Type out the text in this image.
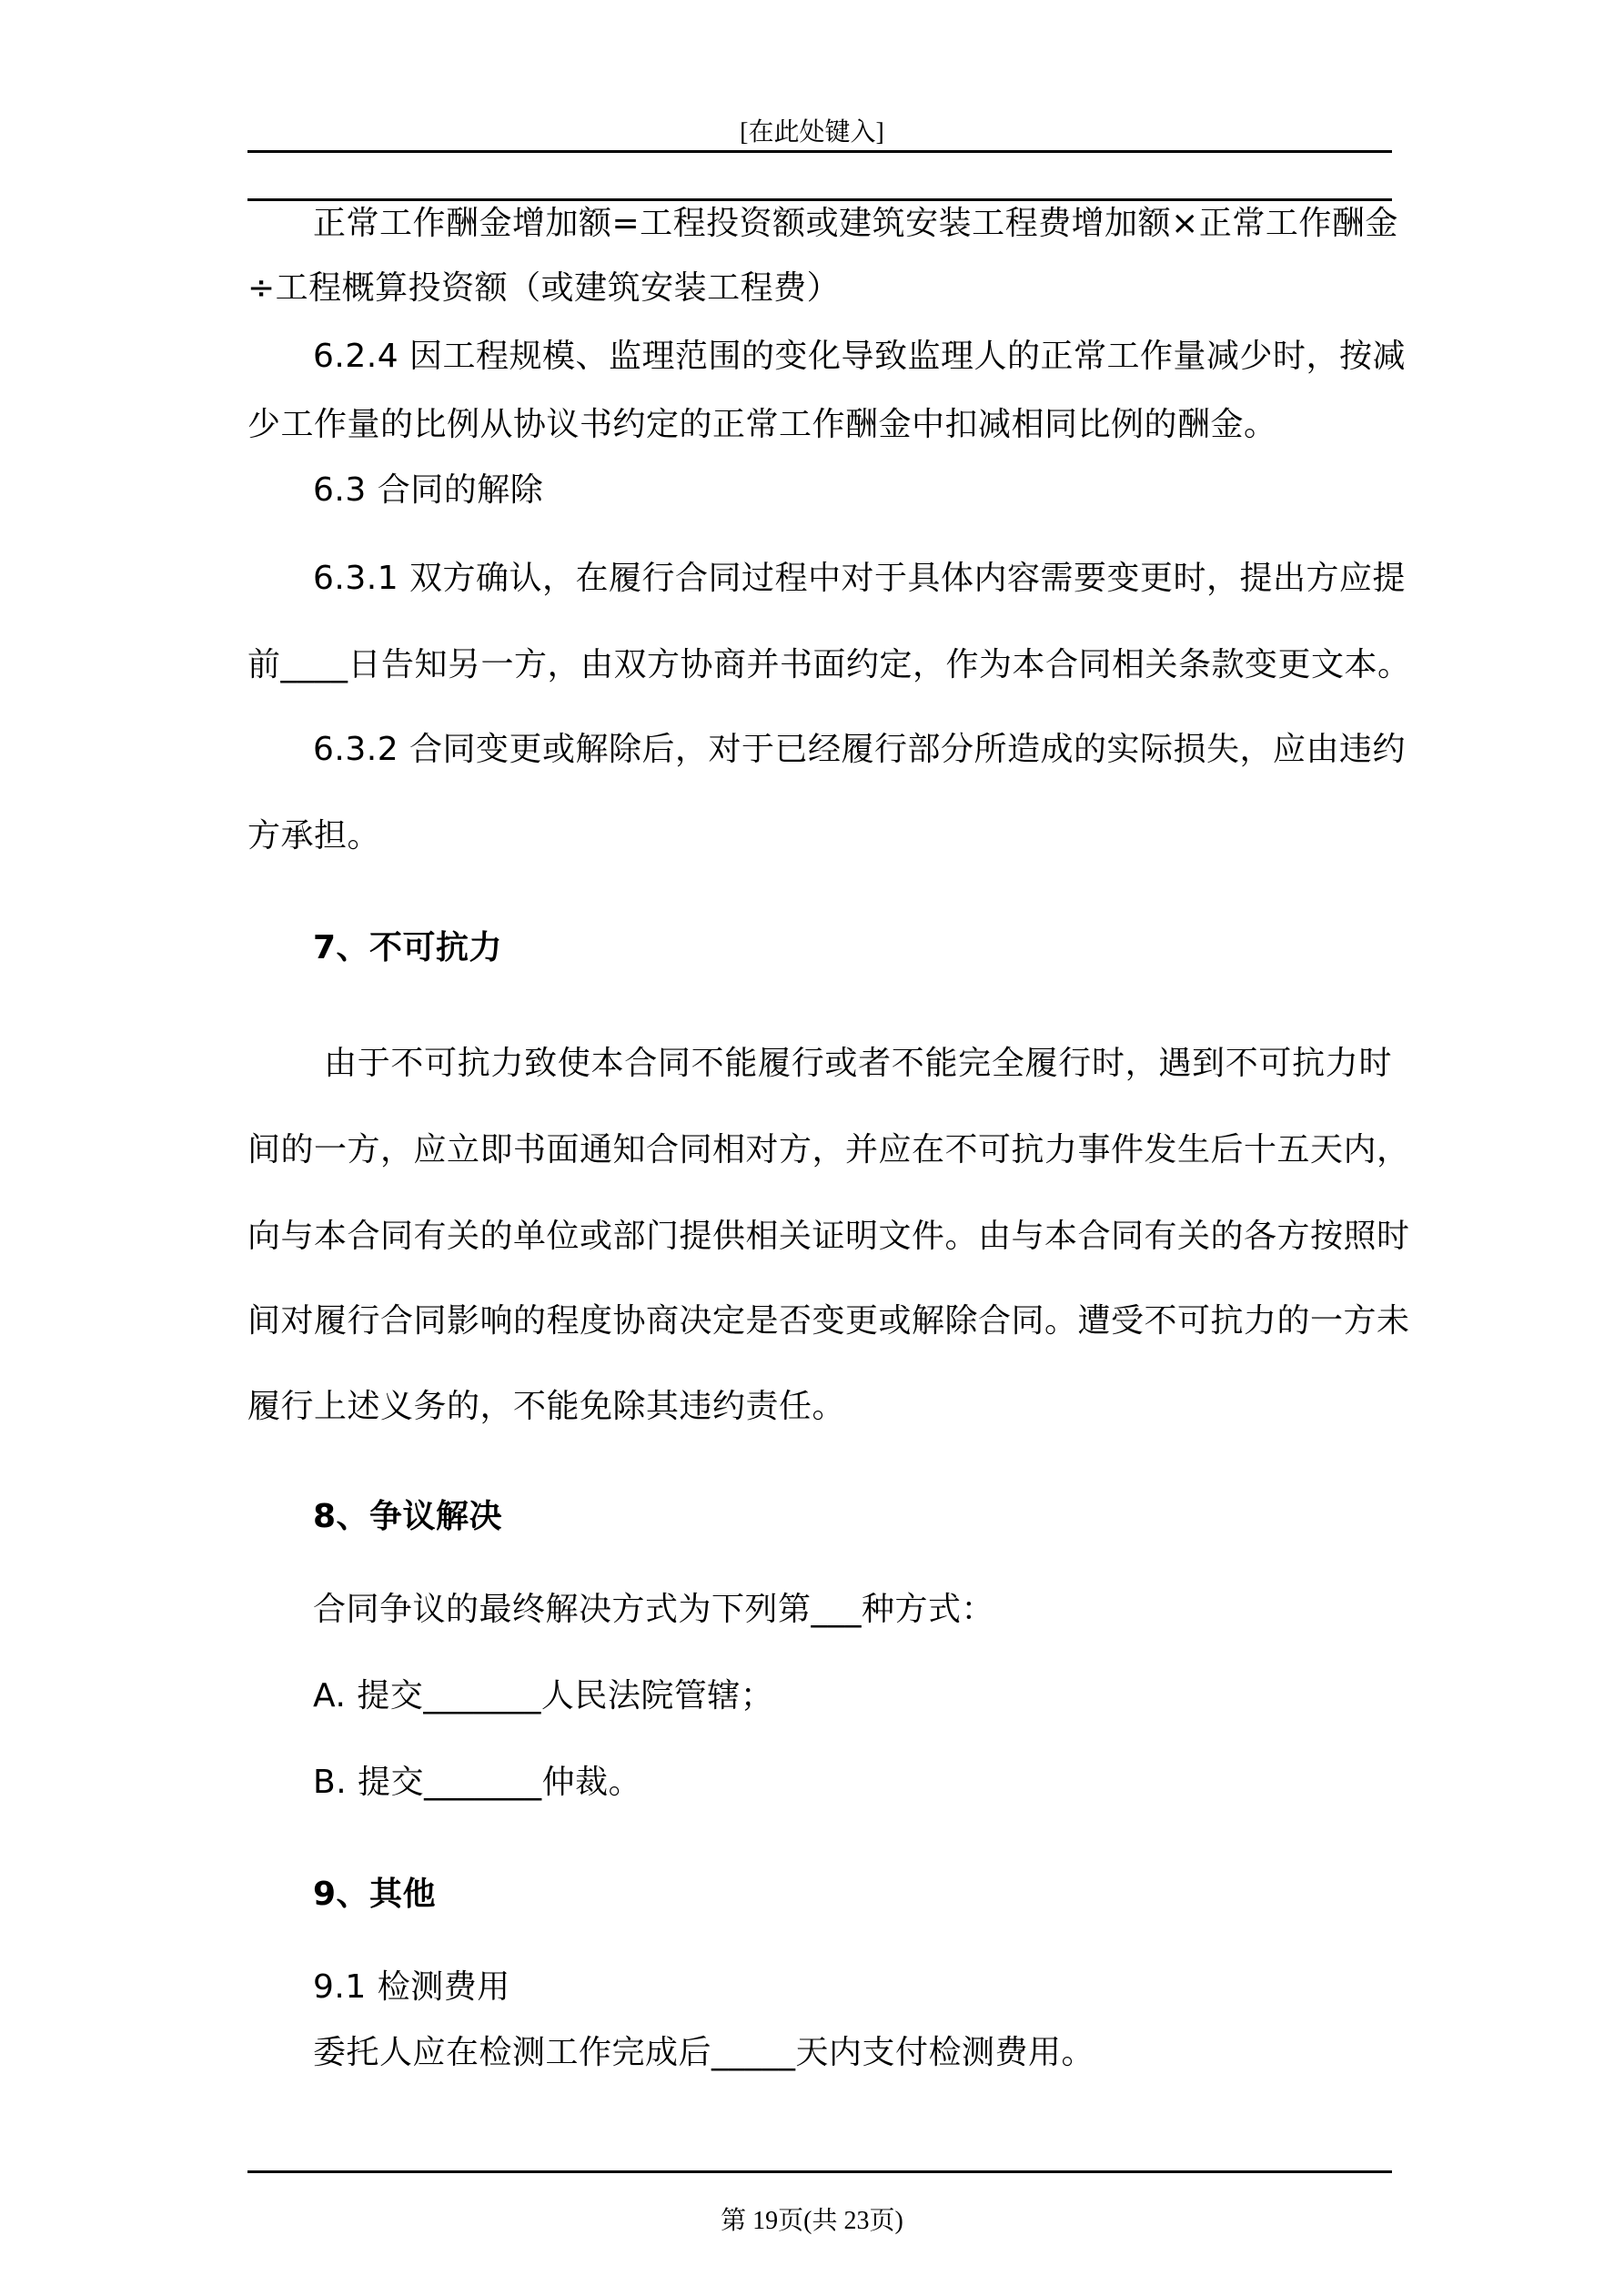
[在此处键入]
正常工作酬金增加额=工程投资额或建筑安装工程费增加额×正常工作酬金
÷工程概算投资额（或建筑安装工程费）
6.2.4 因工程规模、监理范围的变化导致监理人的正常工作量减少时，按减
少工作量的比例从协议书约定的正常工作酬金中扣减相同比例的酬金。
6.3 合同的解除
6.3.1 双方确认，在履行合同过程中对于具体内容需要变更时，提出方应提
前____日告知另一方，由双方协商并书面约定，作为本合同相关条款变更文本。
6.3.2 合同变更或解除后，对于已经履行部分所造成的实际损失，应由违约
方承担。
7、不可抗力
由于不可抗力致使本合同不能履行或者不能完全履行时，遇到不可抗力时
间的一方，应立即书面通知合同相对方，并应在不可抗力事件发生后十五天内，
向与本合同有关的单位或部门提供相关证明文件。由与本合同有关的各方按照时
间对履行合同影响的程度协商决定是否变更或解除合同。遭受不可抗力的一方未
履行上述义务的，不能免除其违约责任。
8、争议解决
合同争议的最终解决方式为下列第___种方式：
A. 提交_______人民法院管辖；
B. 提交_______仲裁。
9、其他
9.1 检测费用
委托人应在检测工作完成后_____天内支付检测费用。
第 19页(共 23页)
